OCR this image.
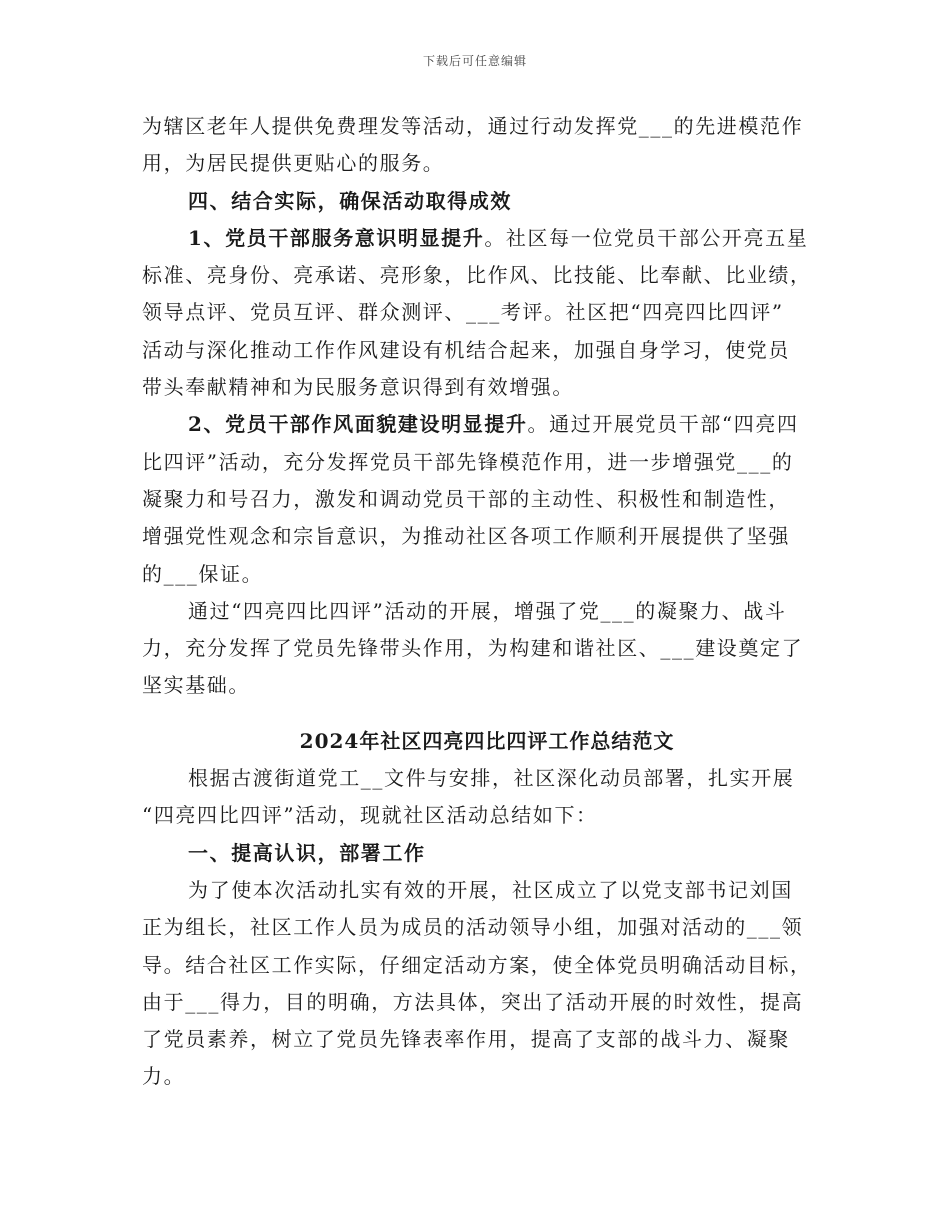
下载后可任意编辑
为辖区老年人提供免费理发等活动，通过行动发挥党___的先进模范作
用，为居民提供更贴心的服务。
四、结合实际，确保活动取得成效
1、党员干部服务意识明显提升。社区每一位党员干部公开亮五星
标准、亮身份、亮承诺、亮形象，比作风、比技能、比奉献、比业绩，
领导点评、党员互评、群众测评、___考评。社区把“四亮四比四评”
活动与深化推动工作作风建设有机结合起来，加强自身学习，使党员
带头奉献精神和为民服务意识得到有效增强。
2、党员干部作风面貌建设明显提升。通过开展党员干部“四亮四
比四评”活动，充分发挥党员干部先锋模范作用，进一步增强党___的
凝聚力和号召力，激发和调动党员干部的主动性、积极性和制造性，
增强党性观念和宗旨意识，为推动社区各项工作顺利开展提供了坚强
的___保证。
通过“四亮四比四评”活动的开展，增强了党___的凝聚力、战斗
力，充分发挥了党员先锋带头作用，为构建和谐社区、___建设奠定了
坚实基础。
2024年社区四亮四比四评工作总结范文
根据古渡街道党工__文件与安排，社区深化动员部署，扎实开展
“四亮四比四评”活动，现就社区活动总结如下：
一、提高认识，部署工作
为了使本次活动扎实有效的开展，社区成立了以党支部书记刘国
正为组长，社区工作人员为成员的活动领导小组，加强对活动的___领
导。结合社区工作实际，仔细定活动方案，使全体党员明确活动目标，
由于___得力，目的明确，方法具体，突出了活动开展的时效性，提高
了党员素养，树立了党员先锋表率作用，提高了支部的战斗力、凝聚
力。
